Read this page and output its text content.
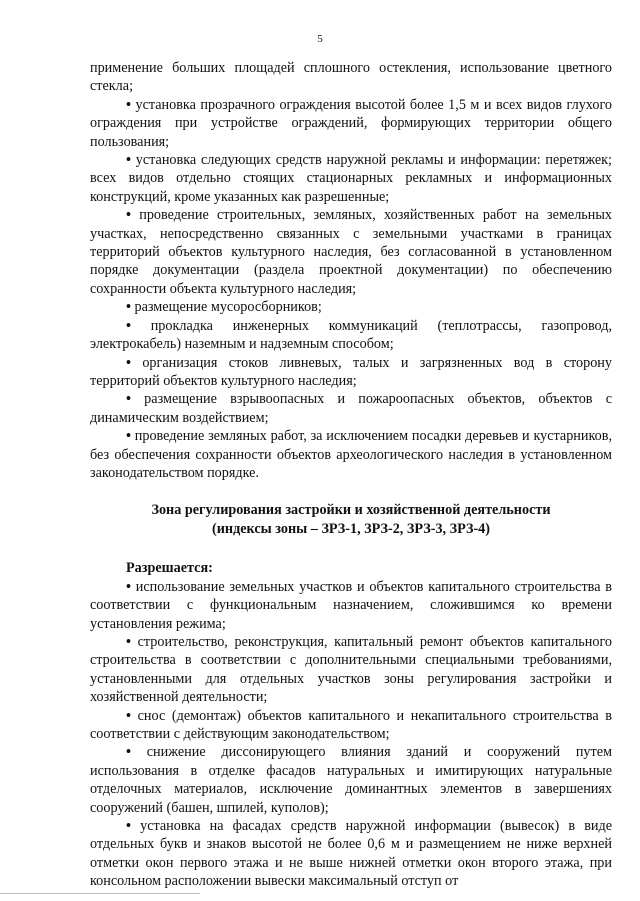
5

применение больших площадей сплошного остекления, использование цветного стекла;

• установка прозрачного ограждения высотой более 1,5 м и всех видов глухого ограждения при устройстве ограждений, формирующих территории общего пользования;

• установка следующих средств наружной рекламы и информации: перетяжек; всех видов отдельно стоящих стационарных рекламных и информационных конструкций, кроме указанных как разрешенные;

• проведение строительных, земляных, хозяйственных работ на земельных участках, непосредственно связанных с земельными участками в границах территорий объектов культурного наследия, без согласованной в установленном порядке документации (раздела проектной документации) по обеспечению сохранности объекта культурного наследия;

• размещение мусоросборников;

• прокладка инженерных коммуникаций (теплотрассы, газопровод, электрокабель) наземным и надземным способом;

• организация стоков ливневых, талых и загрязненных вод в сторону территорий объектов культурного наследия;

• размещение взрывоопасных и пожароопасных объектов, объектов с динамическим воздействием;

• проведение земляных работ, за исключением посадки деревьев и кустарников, без обеспечения сохранности объектов археологического наследия в установленном законодательством порядке.

Зона регулирования застройки и хозяйственной деятельности
(индексы зоны – ЗРЗ-1, ЗРЗ-2, ЗРЗ-3, ЗРЗ-4)

Разрешается:

• использование земельных участков и объектов капитального строительства в соответствии с функциональным назначением, сложившимся ко времени установления режима;

• строительство, реконструкция, капитальный ремонт объектов капитального строительства в соответствии с дополнительными специальными требованиями, установленными для отдельных участков зоны регулирования застройки и хозяйственной деятельности;

• снос (демонтаж) объектов капитального и некапитального строительства в соответствии с действующим законодательством;

• снижение диссонирующего влияния зданий и сооружений путем использования в отделке фасадов натуральных и имитирующих натуральные отделочных материалов, исключение доминантных элементов в завершениях сооружений (башен, шпилей, куполов);

• установка на фасадах средств наружной информации (вывесок) в виде отдельных букв и знаков высотой не более 0,6 м и размещением не ниже верхней отметки окон первого этажа и не выше нижней отметки окон второго этажа, при консольном расположении вывески максимальный отступ от
